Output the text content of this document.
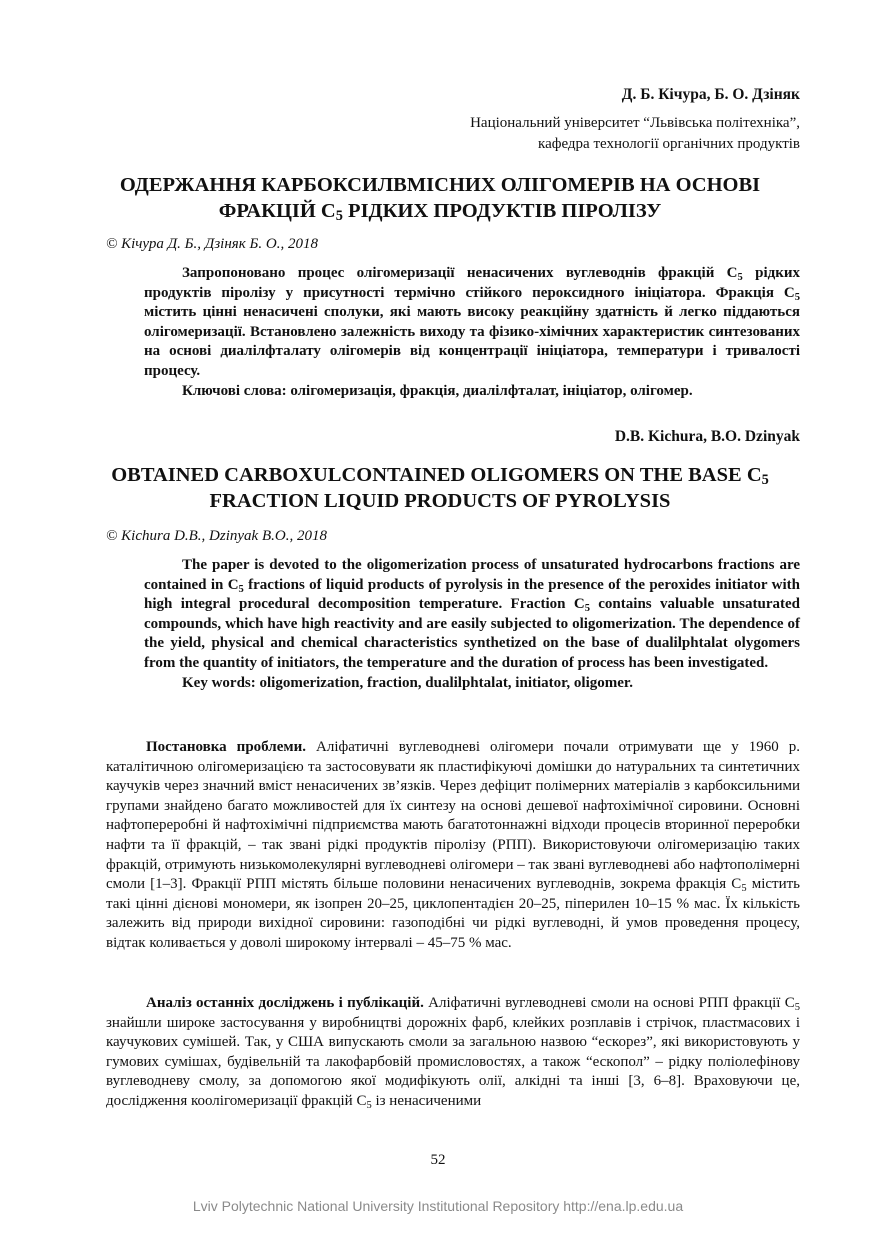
Д. Б. Кічура, Б. О. Дзіняк
Національний університет “Львівська політехніка”,
кафедра технології органічних продуктів
ОДЕРЖАННЯ КАРБОКСИЛВМІСНИХ ОЛІГОМЕРІВ НА ОСНОВІ
ФРАКЦІЙ $С_5$ РІДКИХ ПРОДУКТІВ ПІРОЛІЗУ
© Кічура Д. Б., Дзіняк Б. О., 2018

Запропоновано процес олігомеризації ненасичених вуглеводнів фракцій $С_5$ рідких продуктів піролізу у присутності термічно стійкого пероксидного ініціатора. Фракція $С_5$ містить цінні ненасичені сполуки, які мають високу реакційну здатність й легко піддаються олігомеризації. Встановлено залежність виходу та фізико-хімічних характеристик синтезованих на основі диалілфталату олігомерів від концентрації ініціатора, температури і тривалості процесу.

Ключові слова: олігомеризація, фракція, диалілфталат, ініціатор, олігомер.

D.B. Kichura, B.O. Dzinyak
OBTAINED CARBOXULCONTAINED OLIGOMERS ON THE BASE $C_5$
FRACTION LIQUID PRODUCTS OF PYROLYSIS
© Kichura D.B., Dzinyak B.O., 2018

The paper is devoted to the oligomerization process of unsaturated hydrocarbons fractions are contained in $C_5$ fractions of liquid products of pyrolysis in the presence of the peroxides initiator with high integral procedural decomposition temperature. Fraction $C_5$ contains valuable unsaturated compounds, which have high reactivity and are easily subjected to oligomerization. The dependence of the yield, physical and chemical characteristics synthetized on the base of dualilphtalat olygomers from the quantity of initiators, the temperature and the duration of process has been investigated.

Key words: oligomerization, fraction, dualilphtalat, initiator, oligomer.

Постановка проблеми. Аліфатичні вуглеводневі олігомери почали отримувати ще у 1960 р. каталітичною олігомеризацією та застосовувати як пластифікуючі домішки до натуральних та синтетичних каучуків через значний вміст ненасичених зв’язків. Через дефіцит полімерних матеріалів з карбоксильними групами знайдено багато можливостей для їх синтезу на основі дешевої нафтохімічної сировини. Основні нафтопереробні й нафтохімічні підприємства мають багатотоннажні відходи процесів вторинної переробки нафти та її фракцій, – так звані рідкі продуктів піролізу (РПП). Використовуючи олігомеризацію таких фракцій, отримують низькомолекулярні вуглеводневі олігомери – так звані вуглеводневі або нафтополімерні смоли [1–3]. Фракції РПП містять більше половини ненасичених вуглеводнів, зокрема фракція $С_5$ містить такі цінні дієнові мономери, як ізопрен 20–25, циклопентадієн 20–25, піперилен 10–15 % мас. Їх кількість залежить від природи вихідної сировини: газоподібні чи рідкі вуглеводні, й умов проведення процесу, відтак коливається у доволі широкому інтервалі – 45–75 % мас.

Аналіз останніх досліджень і публікацій. Аліфатичні вуглеводневі смоли на основі РПП фракції $С_5$ знайшли широке застосування у виробництві дорожніх фарб, клейких розплавів і стрічок, пластмасових і каучукових сумішей. Так, у США випускають смоли за загальною назвою “ескорез”, які використовують у гумових сумішах, будівельній та лакофарбовій промисловостях, а також “ескопол” – рідку поліолефінову вуглеводневу смолу, за допомогою якої модифікують олії, алкідні та інші [3, 6–8]. Враховуючи це, дослідження коолігомеризації фракцій $С_5$ із ненасиченими

52
Lviv Polytechnic National University Institutional Repository http://ena.lp.edu.ua
